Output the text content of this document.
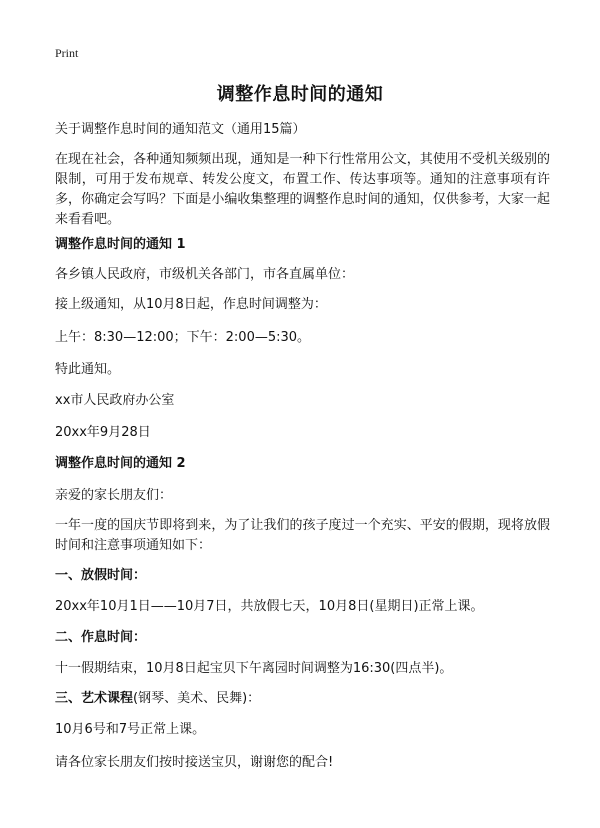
Print
调整作息时间的通知

关于调整作息时间的通知范文（通用15篇）

在现在社会，各种通知频频出现，通知是一种下行性常用公文，其使用不受机关级别的限制，可用于发布规章、转发公度文，布置工作、传达事项等。通知的注意事项有许多，你确定会写吗？下面是小编收集整理的调整作息时间的通知，仅供参考，大家一起来看看吧。

调整作息时间的通知 1

各乡镇人民政府，市级机关各部门，市各直属单位：

接上级通知，从10月8日起，作息时间调整为：

上午：8:30—12:00；下午：2:00—5:30。

特此通知。

xx市人民政府办公室

20xx年9月28日

调整作息时间的通知 2

亲爱的家长朋友们：

一年一度的国庆节即将到来，为了让我们的孩子度过一个充实、平安的假期，现将放假时间和注意事项通知如下：

一、放假时间：

20xx年10月1日——10月7日，共放假七天，10月8日(星期日)正常上课。

二、作息时间：

十一假期结束，10月8日起宝贝下午离园时间调整为16:30(四点半)。

三、艺术课程(钢琴、美术、民舞)：

10月6号和7号正常上课。

请各位家长朋友们按时接送宝贝，谢谢您的配合!
